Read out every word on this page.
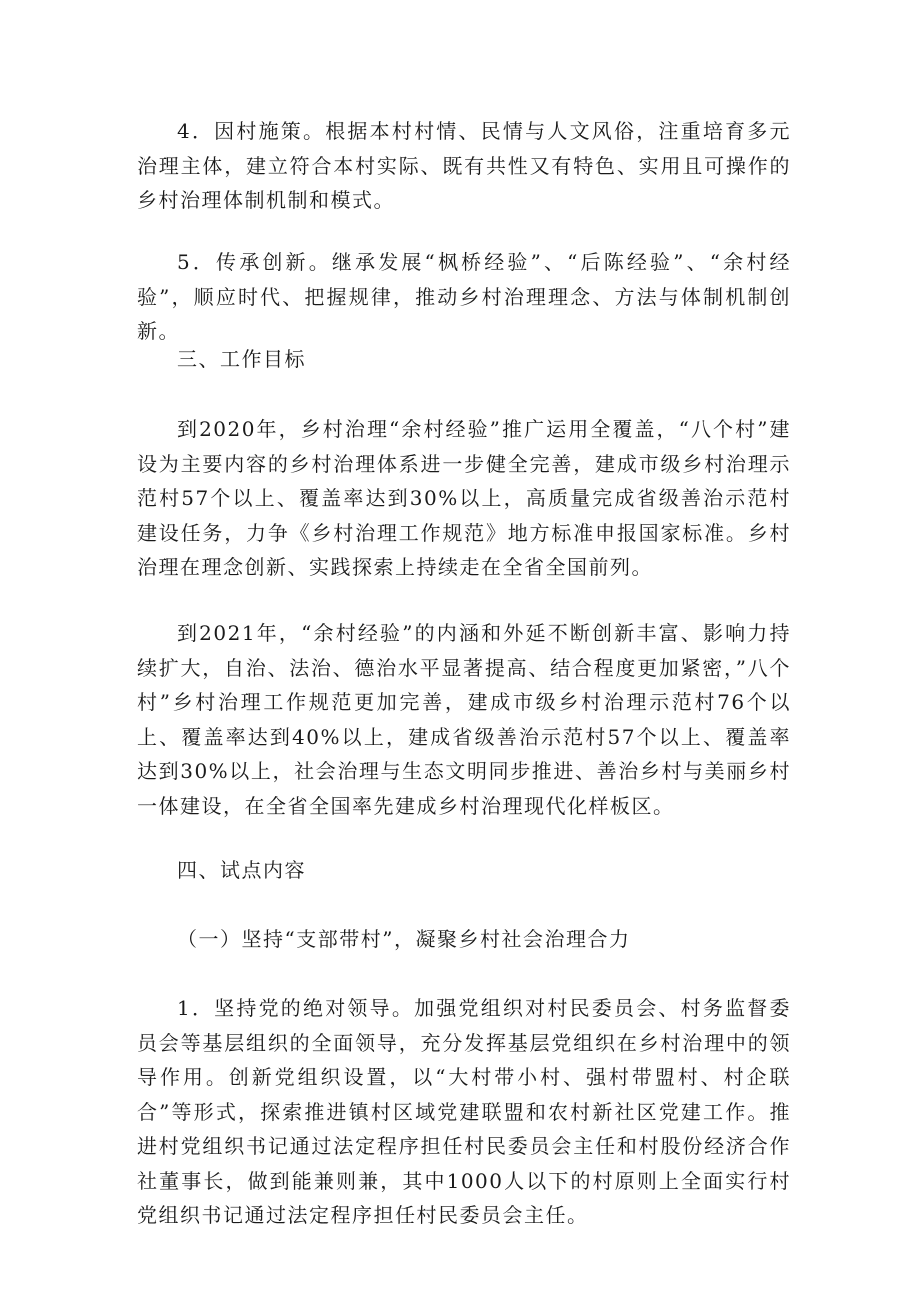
4．因村施策。根据本村村情、民情与人文风俗，注重培育多元治理主体，建立符合本村实际、既有共性又有特色、实用且可操作的乡村治理体制机制和模式。

5．传承创新。继承发展“枫桥经验”、“后陈经验”、“余村经验”，顺应时代、把握规律，推动乡村治理理念、方法与体制机制创新。

三、工作目标

到2020年，乡村治理“余村经验”推广运用全覆盖，“八个村”建设为主要内容的乡村治理体系进一步健全完善，建成市级乡村治理示范村57个以上、覆盖率达到30%以上，高质量完成省级善治示范村建设任务，力争《乡村治理工作规范》地方标准申报国家标准。乡村治理在理念创新、实践探索上持续走在全省全国前列。

到2021年，“余村经验”的内涵和外延不断创新丰富、影响力持续扩大，自治、法治、德治水平显著提高、结合程度更加紧密，”八个村”乡村治理工作规范更加完善，建成市级乡村治理示范村76个以上、覆盖率达到40%以上，建成省级善治示范村57个以上、覆盖率达到30%以上，社会治理与生态文明同步推进、善治乡村与美丽乡村一体建设，在全省全国率先建成乡村治理现代化样板区。

四、试点内容

（一）坚持“支部带村”，凝聚乡村社会治理合力

1．坚持党的绝对领导。加强党组织对村民委员会、村务监督委员会等基层组织的全面领导，充分发挥基层党组织在乡村治理中的领导作用。创新党组织设置，以“大村带小村、强村带盟村、村企联合”等形式，探索推进镇村区域党建联盟和农村新社区党建工作。推进村党组织书记通过法定程序担任村民委员会主任和村股份经济合作社董事长，做到能兼则兼，其中1000人以下的村原则上全面实行村党组织书记通过法定程序担任村民委员会主任。
